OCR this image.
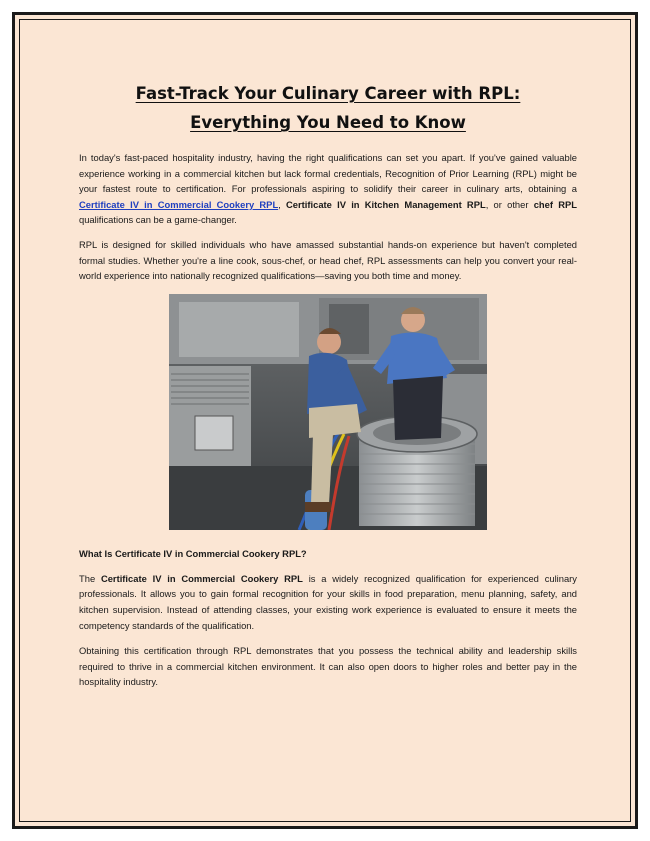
Fast-Track Your Culinary Career with RPL:
Everything You Need to Know

In today's fast-paced hospitality industry, having the right qualifications can set you apart. If you've gained valuable experience working in a commercial kitchen but lack formal credentials, Recognition of Prior Learning (RPL) might be your fastest route to certification. For professionals aspiring to solidify their career in culinary arts, obtaining a Certificate IV in Commercial Cookery RPL, Certificate IV in Kitchen Management RPL, or other chef RPL qualifications can be a game-changer.

RPL is designed for skilled individuals who have amassed substantial hands-on experience but haven't completed formal studies. Whether you're a line cook, sous-chef, or head chef, RPL assessments can help you convert your real-world experience into nationally recognized qualifications—saving you both time and money.

What Is Certificate IV in Commercial Cookery RPL?

The Certificate IV in Commercial Cookery RPL is a widely recognized qualification for experienced culinary professionals. It allows you to gain formal recognition for your skills in food preparation, menu planning, safety, and kitchen supervision. Instead of attending classes, your existing work experience is evaluated to ensure it meets the competency standards of the qualification.

Obtaining this certification through RPL demonstrates that you possess the technical ability and leadership skills required to thrive in a commercial kitchen environment. It can also open doors to higher roles and better pay in the hospitality industry.
